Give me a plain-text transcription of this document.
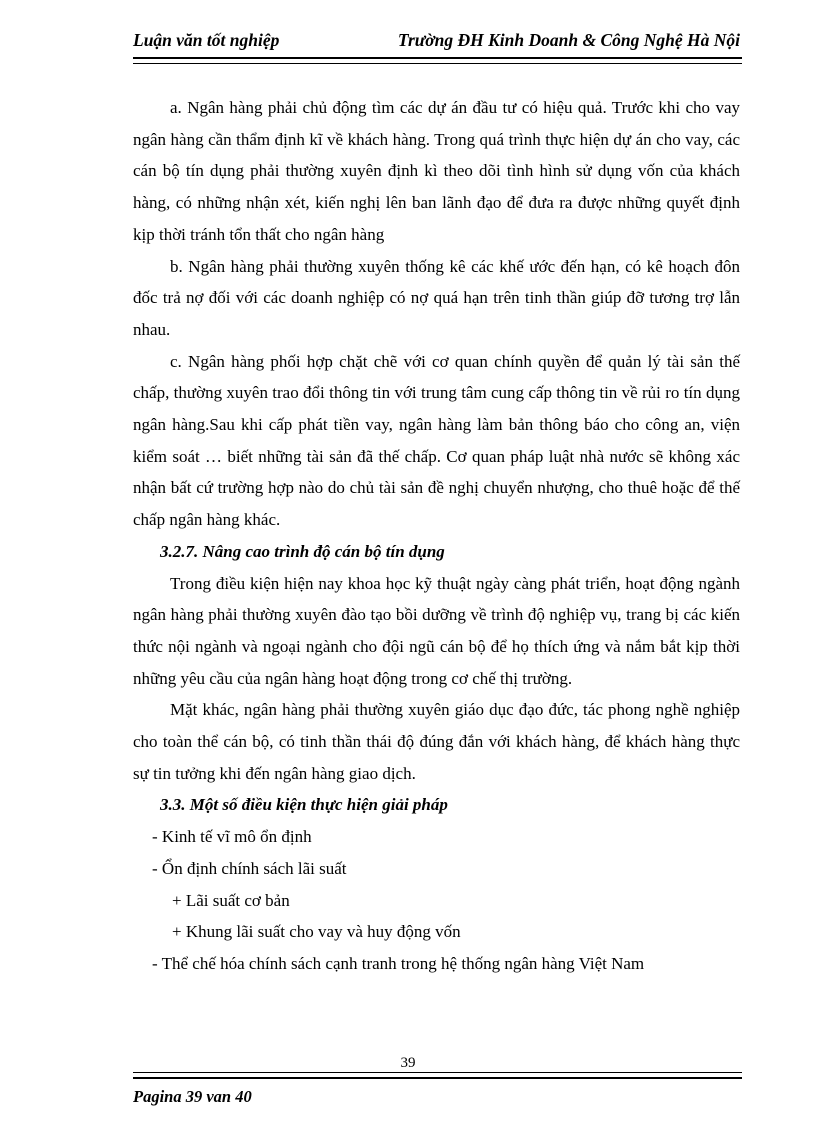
Luận văn tốt nghiệp	Trường ĐH Kinh Doanh & Công Nghệ Hà Nội

a. Ngân hàng phải chủ động tìm các dự án đầu tư có hiệu quả. Trước khi cho vay ngân hàng cần thẩm định kĩ về khách hàng. Trong quá trình thực hiện dự án cho vay, các cán bộ tín dụng phải thường xuyên định kì theo dõi tình hình sử dụng vốn của khách hàng, có những nhận xét, kiến nghị lên ban lãnh đạo để đưa ra được những quyết định kịp thời tránh tổn thất cho ngân hàng

b. Ngân hàng phải thường xuyên thống kê các khế ước đến hạn, có kê hoạch đôn đốc trả nợ đối với các doanh nghiệp có nợ quá hạn trên tinh thần giúp đỡ tương trợ lẫn nhau.

c. Ngân hàng phối hợp chặt chẽ với cơ quan chính quyền để quản lý tài sản thế chấp, thường xuyên trao đổi thông tin với trung tâm cung cấp thông tin về rủi ro tín dụng ngân hàng.Sau khi cấp phát tiền vay, ngân hàng làm bản thông báo cho công an, viện kiểm soát … biết những tài sản đã thế chấp. Cơ quan pháp luật nhà nước sẽ không xác nhận bất cứ trường hợp nào do chủ tài sản đề nghị chuyển nhượng, cho thuê hoặc để thế chấp ngân hàng khác.

3.2.7. Nâng cao trình độ cán bộ tín dụng

Trong điều kiện hiện nay khoa học kỹ thuật ngày càng phát triển, hoạt động ngành ngân hàng phải thường xuyên đào tạo bồi dưỡng về trình độ nghiệp vụ, trang bị các kiến thức nội ngành và ngoại ngành cho đội ngũ cán bộ để họ thích ứng và nắm bắt kịp thời những yêu cầu của ngân hàng hoạt động trong cơ chế thị trường.

Mặt khác, ngân hàng phải thường xuyên giáo dục đạo đức, tác phong nghề nghiệp cho toàn thể cán bộ, có tinh thần thái độ đúng đắn với khách hàng, để khách hàng thực sự tin tưởng khi đến ngân hàng giao dịch.

3.3. Một số điều kiện thực hiện giải pháp

- Kinh tế vĩ mô ổn định

- Ổn định chính sách lãi suất

+ Lãi suất cơ bản

+ Khung lãi suất cho vay và huy động vốn

- Thể chế hóa chính sách cạnh tranh trong hệ thống ngân hàng Việt Nam

39
Pagina 39 van 40
